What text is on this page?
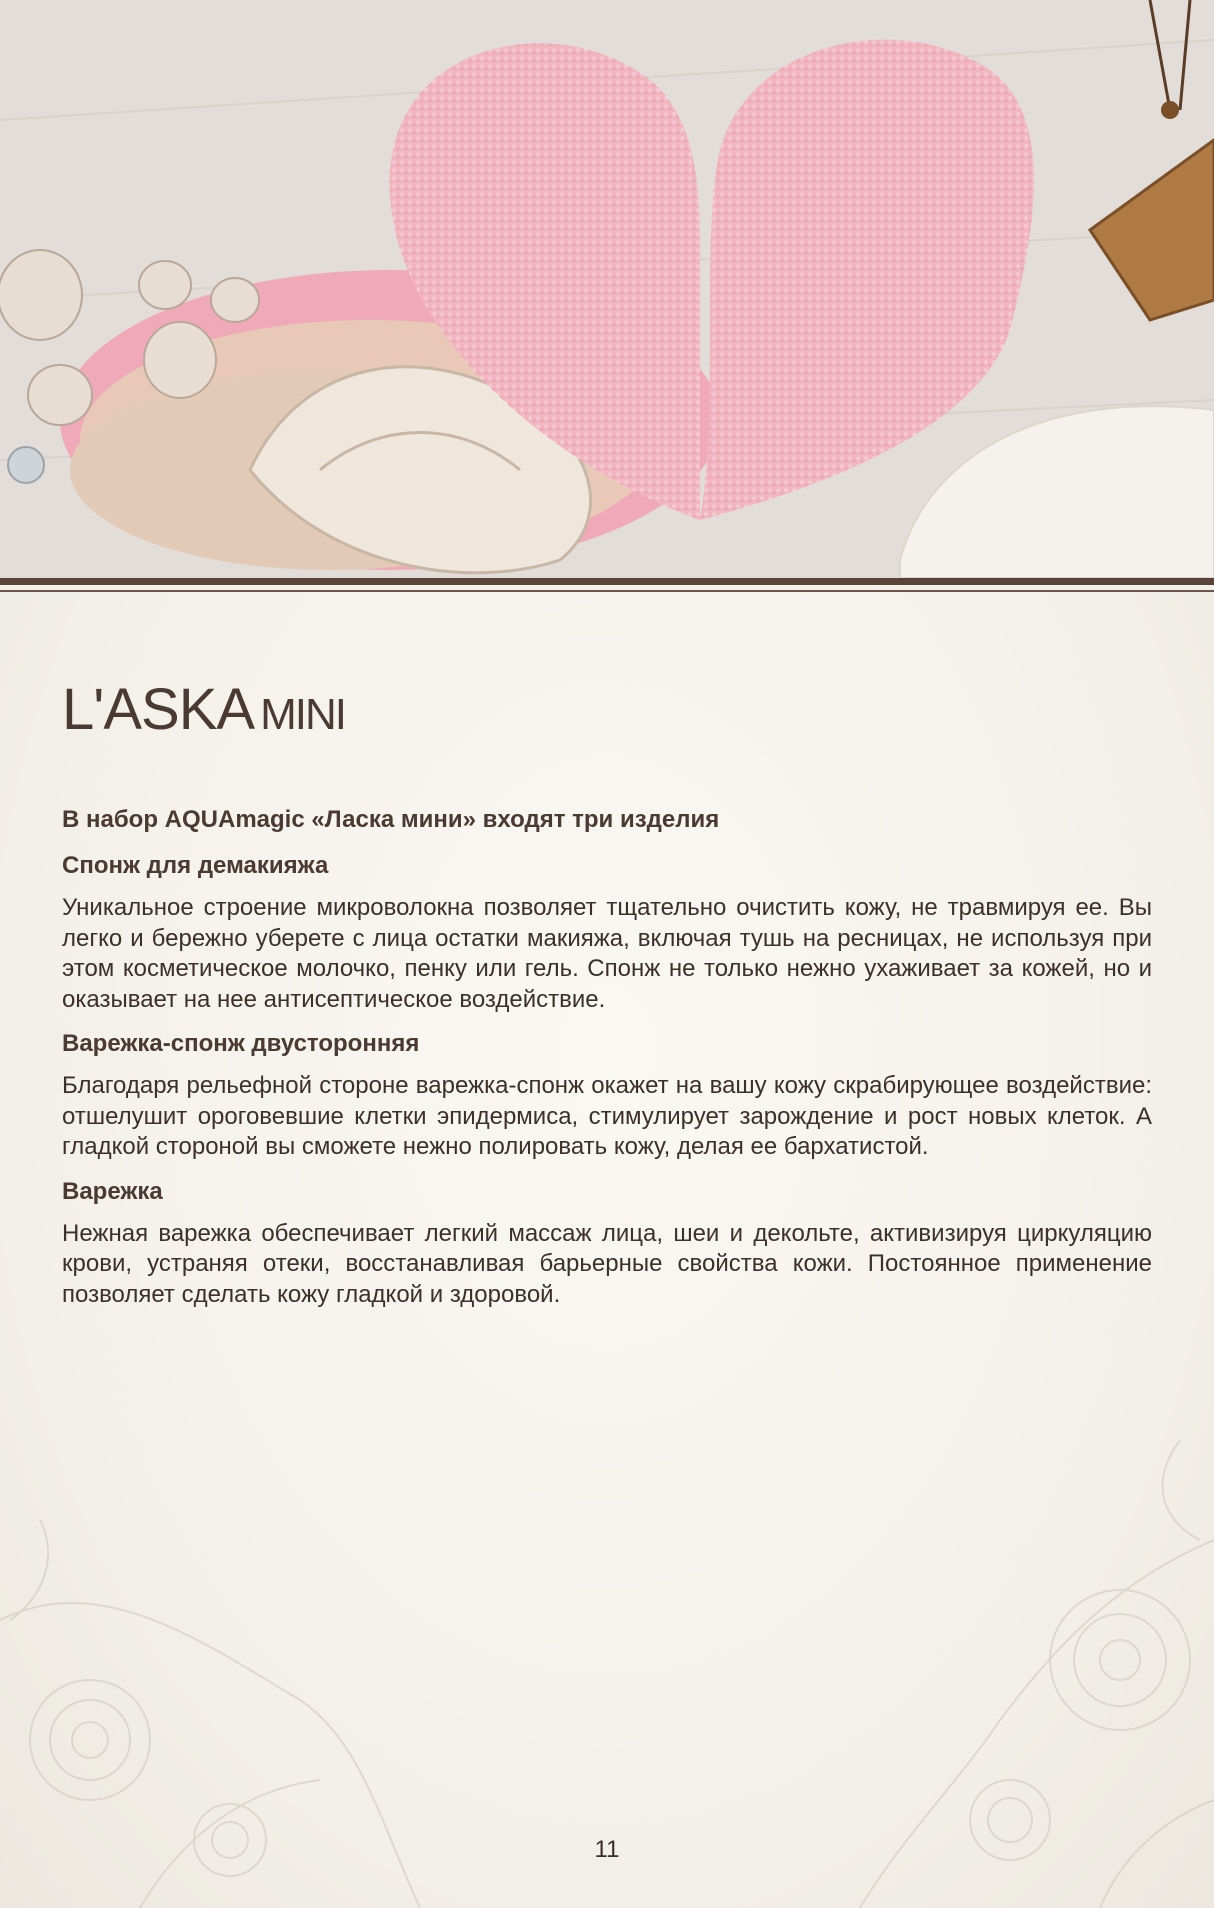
L'ASKA MINI
В набор AQUAmagic «Ласка мини» входят три изделия
Спонж для демакияжа

Уникальное строение микроволокна позволяет тщательно очистить кожу, не травмируя ее. Вы легко и бережно уберете с лица остатки макияжа, включая тушь на ресницах, не используя при этом косметическое молочко, пенку или гель. Спонж не только нежно ухаживает за кожей, но и оказывает на нее антисептическое воздействие.

Варежка-спонж двусторонняя

Благодаря рельефной стороне варежка-спонж окажет на вашу кожу скрабирующее воздействие: отшелушит ороговевшие клетки эпидермиса, стимулирует зарождение и рост новых клеток. А гладкой стороной вы сможете нежно полировать кожу, делая ее бархатистой.

Варежка

Нежная варежка обеспечивает легкий массаж лица, шеи и декольте, активизируя циркуляцию крови, устраняя отеки, восстанавливая барьерные свойства кожи. Постоянное применение позволяет сделать кожу гладкой и здоровой.

11
